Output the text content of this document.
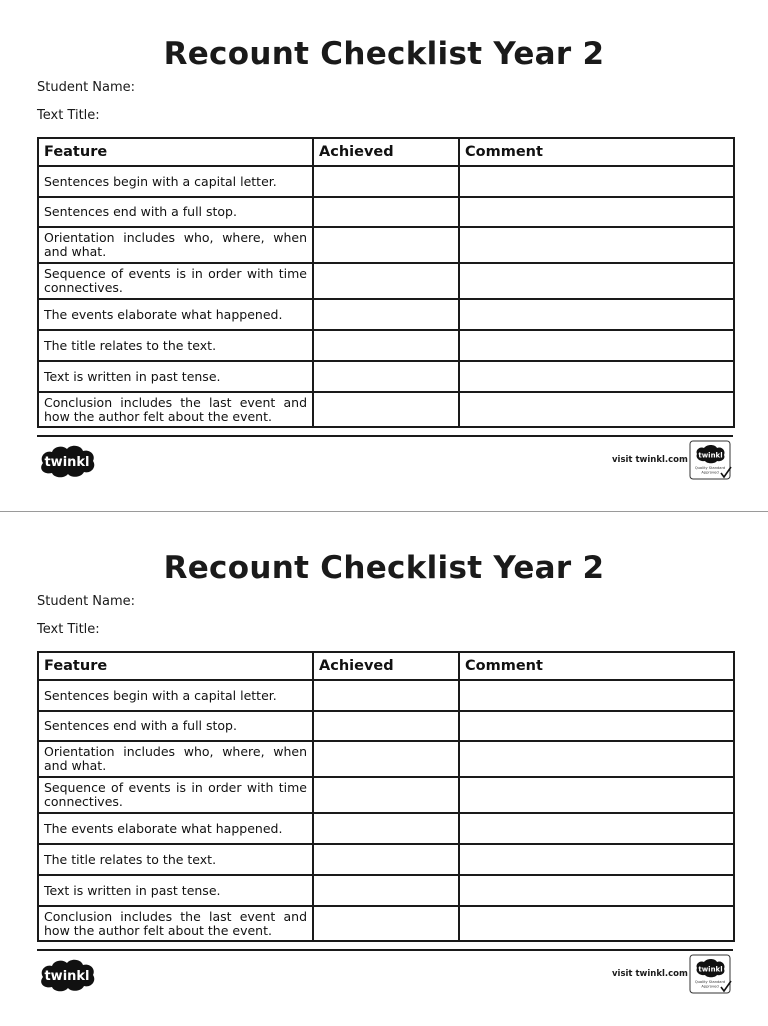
Recount Checklist Year 2
Student Name:
Text Title:
Feature	Achieved	Comment
Sentences begin with a capital letter.		
Sentences end with a full stop.		
Orientation includes who, where, when and what.		
Sequence of events is in order with time connectives.		
The events elaborate what happened.		
The title relates to the text.		
Text is written in past tense.		
Conclusion includes the last event and how the author felt about the event.		
twinkl	visit twinkl.com twinkl
Quality Standard
Approved
Recount Checklist Year 2
Student Name:
Text Title:
Feature	Achieved	Comment
Sentences begin with a capital letter.		
Sentences end with a full stop.		
Orientation includes who, where, when and what.		
Sequence of events is in order with time connectives.		
The events elaborate what happened.		
The title relates to the text.		
Text is written in past tense.		
Conclusion includes the last event and how the author felt about the event.		
twinkl	visit twinkl.com twinkl
Quality Standard
Approved
